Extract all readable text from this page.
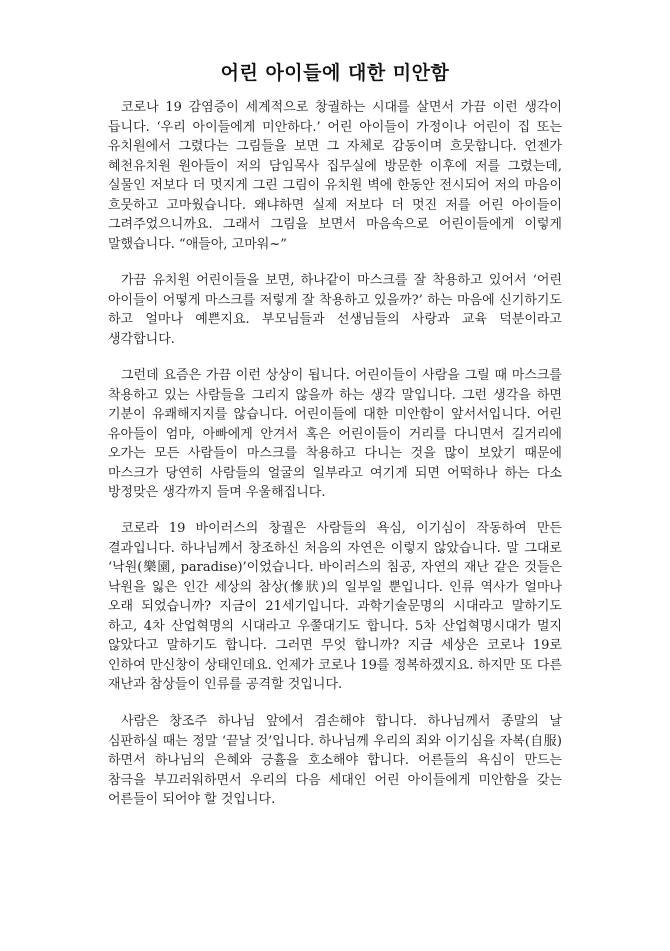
어린 아이들에 대한 미안함

코로나 19 감염증이 세계적으로 창궐하는 시대를 살면서 가끔 이런 생각이 듭니다. ‘우리 아이들에게 미안하다.’ 어린 아이들이 가정이나 어린이 집 또는 유치원에서 그렸다는 그림들을 보면 그 자체로 감동이며 흐뭇합니다. 언젠가 혜천유치원 원아들이 저의 담임목사 집무실에 방문한 이후에 저를 그렸는데, 실물인 저보다 더 멋지게 그린 그림이 유치원 벽에 한동안 전시되어 저의 마음이 흐뭇하고 고마웠습니다. 왜냐하면 실제 저보다 더 멋진 저를 어린 아이들이 그려주었으니까요. 그래서 그림을 보면서 마음속으로 어린이들에게 이렇게 말했습니다. “애들아, 고마워~”

가끔 유치원 어린이들을 보면, 하나같이 마스크를 잘 착용하고 있어서 ‘어린 아이들이 어떻게 마스크를 저렇게 잘 착용하고 있을까?’ 하는 마음에 신기하기도 하고 얼마나 예쁜지요. 부모님들과 선생님들의 사랑과 교육 덕분이라고 생각합니다.

그런데 요즘은 가끔 이런 상상이 됩니다. 어린이들이 사람을 그릴 때 마스크를 착용하고 있는 사람들을 그리지 않을까 하는 생각 말입니다. 그런 생각을 하면 기분이 유쾌해지지를 않습니다. 어린이들에 대한 미안함이 앞서서입니다. 어린 유아들이 엄마, 아빠에게 안겨서 혹은 어린이들이 거리를 다니면서 길거리에 오가는 모든 사람들이 마스크를 착용하고 다니는 것을 많이 보았기 때문에 마스크가 당연히 사람들의 얼굴의 일부라고 여기게 되면 어떡하나 하는 다소 방정맞은 생각까지 들며 우울해집니다.

코로라 19 바이러스의 창궐은 사람들의 욕심, 이기심이 작동하여 만든 결과입니다. 하나님께서 창조하신 처음의 자연은 이렇지 않았습니다. 말 그대로 ‘낙원(樂園, paradise)’이었습니다. 바이러스의 침공, 자연의 재난 같은 것들은 낙원을 잃은 인간 세상의 참상(慘狀)의 일부일 뿐입니다. 인류 역사가 얼마나 오래 되었습니까? 지금이 21세기입니다. 과학기술문명의 시대라고 말하기도 하고, 4차 산업혁명의 시대라고 우쭐대기도 합니다. 5차 산업혁명시대가 멀지 않았다고 말하기도 합니다. 그러면 무엇 합니까? 지금 세상은 코로나 19로 인하여 만신창이 상태인데요. 언제가 코로나 19를 정복하겠지요. 하지만 또 다른 재난과 참상들이 인류를 공격할 것입니다.

사람은 창조주 하나님 앞에서 겸손해야 합니다. 하나님께서 종말의 날 심판하실 때는 정말 ‘끝날 것’입니다. 하나님께 우리의 죄와 이기심을 자복(自服)하면서 하나님의 은혜와 긍휼을 호소해야 합니다. 어른들의 욕심이 만드는 참극을 부끄러워하면서 우리의 다음 세대인 어린 아이들에게 미안함을 갖는 어른들이 되어야 할 것입니다.
